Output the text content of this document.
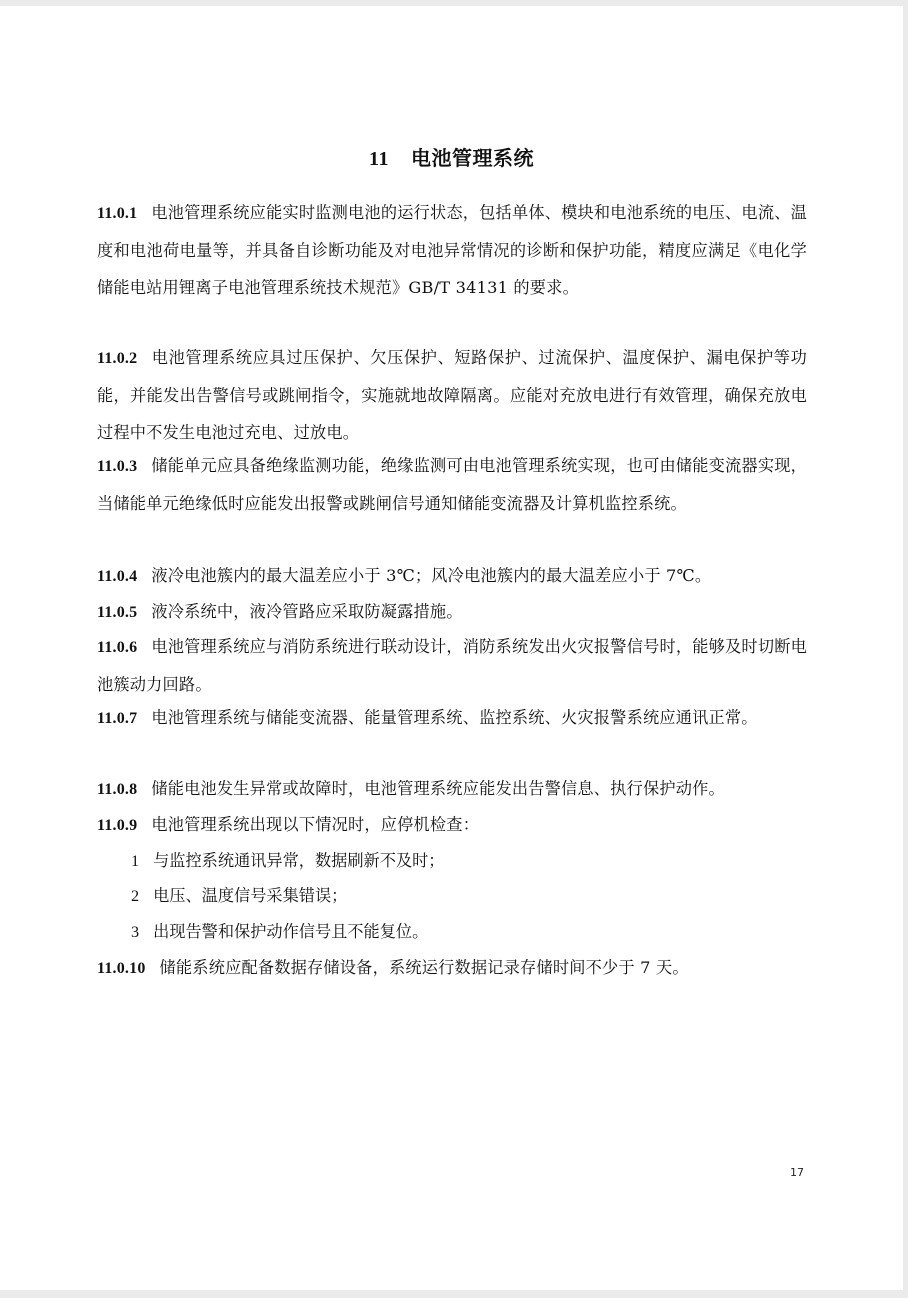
11 电池管理系统
11.0.1 电池管理系统应能实时监测电池的运行状态，包括单体、模块和电池系统的电压、电流、温度和电池荷电量等，并具备自诊断功能及对电池异常情况的诊断和保护功能，精度应满足《电化学储能电站用锂离子电池管理系统技术规范》GB/T 34131 的要求。
11.0.2 电池管理系统应具过压保护、欠压保护、短路保护、过流保护、温度保护、漏电保护等功能，并能发出告警信号或跳闸指令，实施就地故障隔离。应能对充放电进行有效管理，确保充放电过程中不发生电池过充电、过放电。
11.0.3 储能单元应具备绝缘监测功能，绝缘监测可由电池管理系统实现，也可由储能变流器实现，当储能单元绝缘低时应能发出报警或跳闸信号通知储能变流器及计算机监控系统。
11.0.4 液冷电池簇内的最大温差应小于 3℃；风冷电池簇内的最大温差应小于 7℃。
11.0.5 液冷系统中，液冷管路应采取防凝露措施。
11.0.6 电池管理系统应与消防系统进行联动设计，消防系统发出火灾报警信号时，能够及时切断电池簇动力回路。
11.0.7 电池管理系统与储能变流器、能量管理系统、监控系统、火灾报警系统应通讯正常。
11.0.8 储能电池发生异常或故障时，电池管理系统应能发出告警信息、执行保护动作。
11.0.9 电池管理系统出现以下情况时，应停机检查：
1 与监控系统通讯异常，数据刷新不及时；
2 电压、温度信号采集错误；
3 出现告警和保护动作信号且不能复位。
11.0.10 储能系统应配备数据存储设备，系统运行数据记录存储时间不少于 7 天。
17
